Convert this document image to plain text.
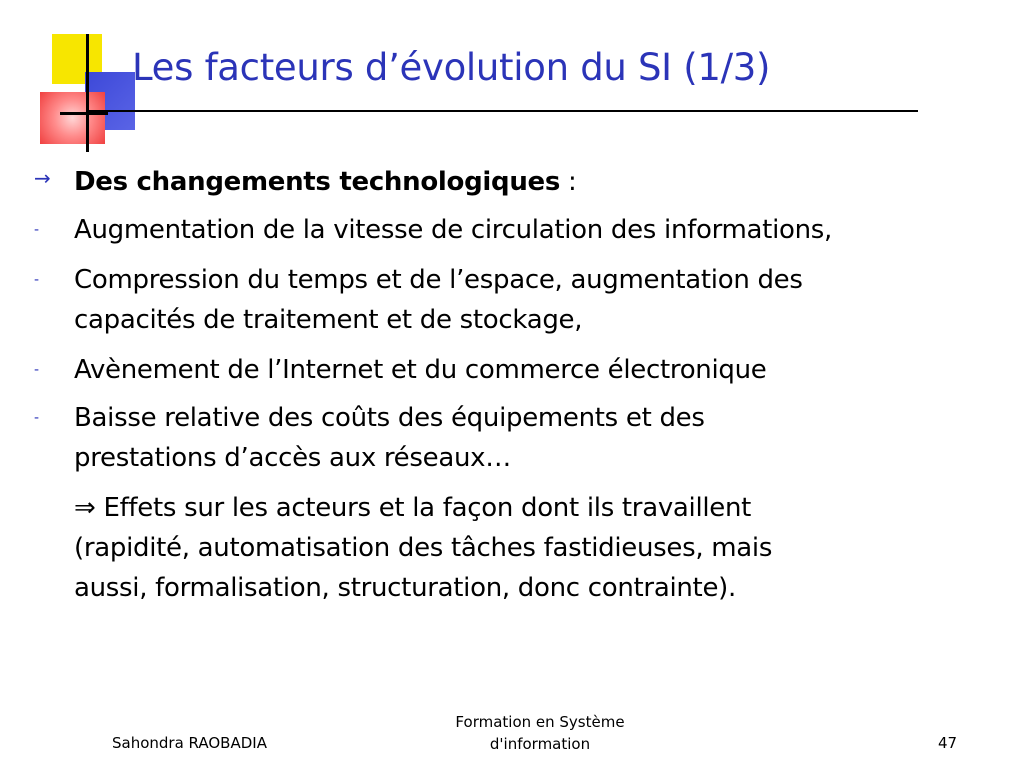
Les facteurs d’évolution du SI (1/3)
→ Des changements technologiques :
- Augmentation de la vitesse de circulation des informations,
- Compression du temps et de l’espace, augmentation des
capacités de traitement et de stockage,
- Avènement de l’Internet et du commerce électronique
- Baisse relative des coûts des équipements et des
prestations d’accès aux réseaux…
⇒ Effets sur les acteurs et la façon dont ils travaillent
(rapidité, automatisation des tâches fastidieuses, mais
aussi, formalisation, structuration, donc contrainte).
Sahondra RAOBADIA
Formation en Système
d'information	47
